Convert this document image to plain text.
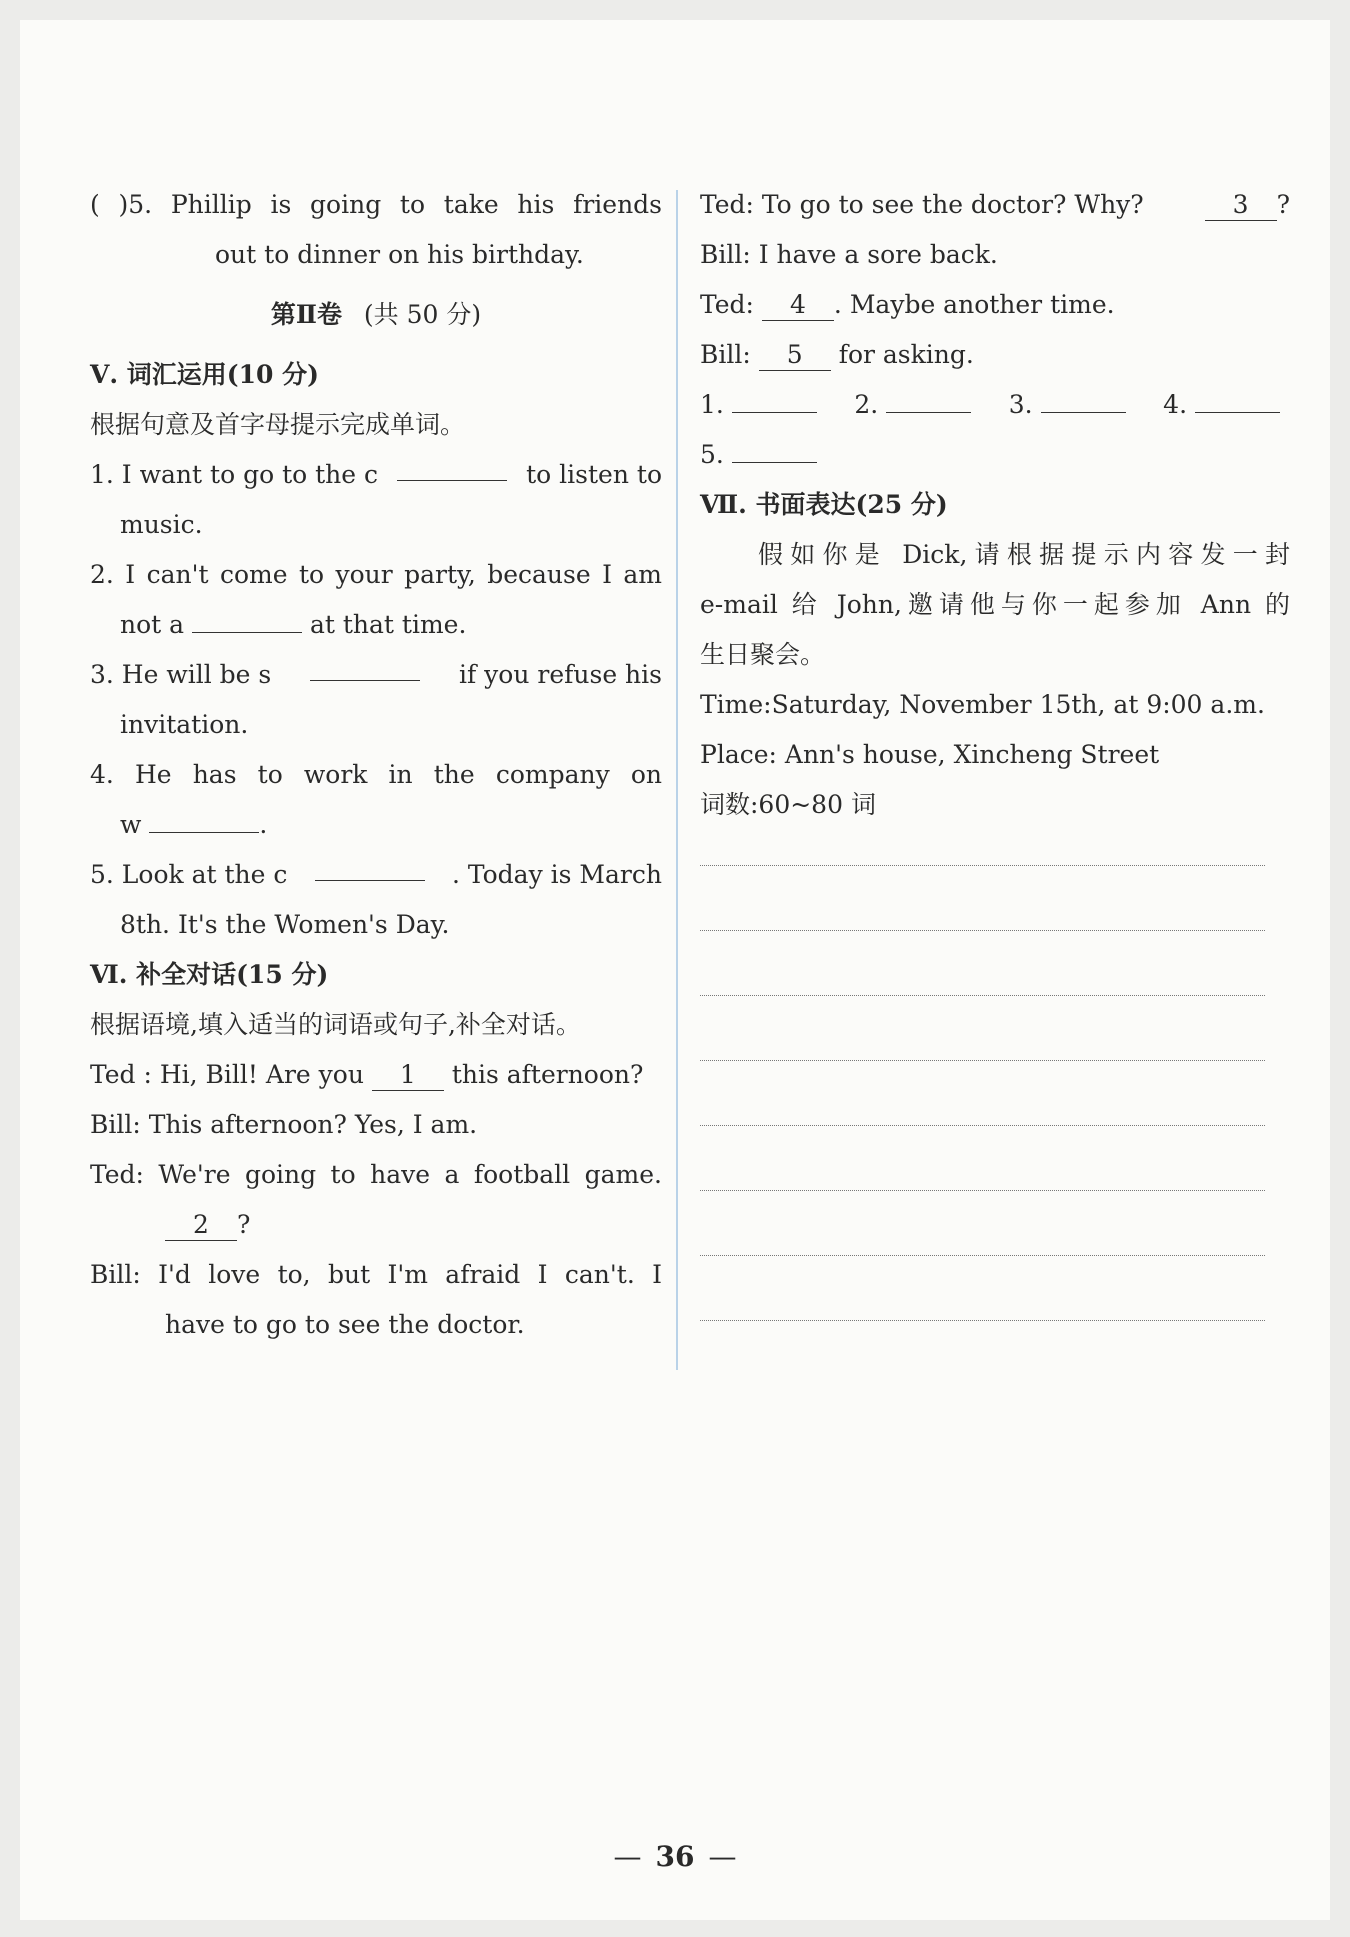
( )5. Phillip is going to take his friends
out to dinner on his birthday.
第Ⅱ卷 (共 50 分)
Ⅴ. 词汇运用(10 分)
根据句意及首字母提示完成单词。
1. I want to go to the c	to listen to
music.
2. I can't come to your party, because I am
not a	at that time.
3. He will be s	if you refuse his
invitation.
4. He has to work in the company on
w	.
5. Look at the c	. Today is March
8th. It's the Women's Day.
Ⅵ. 补全对话(15 分)
根据语境,填入适当的词语或句子,补全对话。
Ted : Hi, Bill! Are you 1 this afternoon?
Bill: This afternoon? Yes, I am.
Ted: We're going to have a football game.
2 ?
Bill: I'd love to, but I'm afraid I can't. I
have to go to see the doctor.
Ted: To go to see the doctor? Why?	3 ?
Bill: I have a sore back.
Ted: 4 . Maybe another time.
Bill: 5 for asking.
1.	2.	3.	4.
5.
Ⅶ. 书面表达(25 分)
假如你是 Dick,请根据提示内容发一封
e-mail 给 John,邀请他与你一起参加 Ann 的
生日聚会。
Time:Saturday, November 15th, at 9:00 a.m.
Place: Ann's house, Xincheng Street
词数:60~80 词
— 36 —
